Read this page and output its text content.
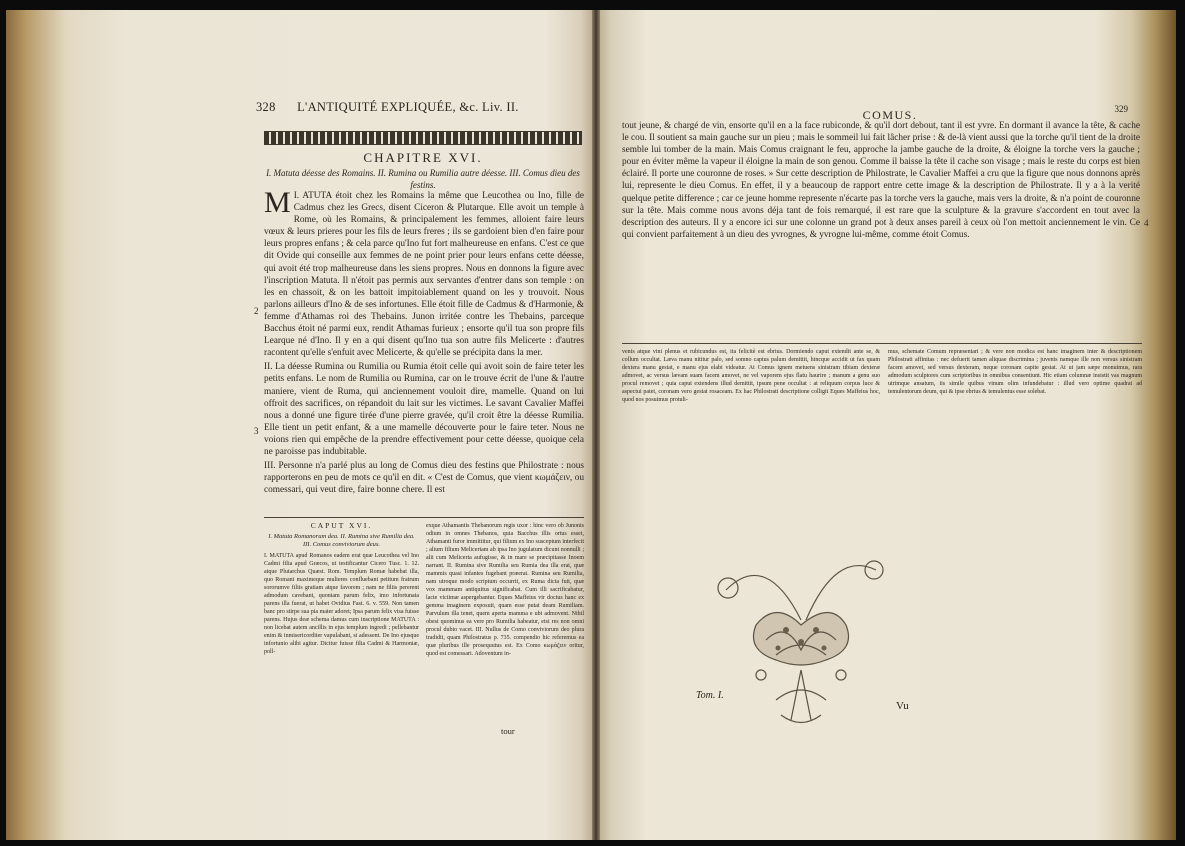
328 L'ANTIQUITÉ EXPLIQUÉE, &c. Liv. II.
CHAPITRE XVI.
I. Matuta déesse des Romains. II. Rumina ou Rumilia autre déesse. III. Comus dieu des festins.
M I. ATUTA étoit chez les Romains la même que Leucothea ou Ino, fille de Cadmus chez les Grecs, disent Ciceron & Plutarque. Elle avoit un temple à Rome, où les Romains, & principalement les femmes, alloient faire leurs vœux & leurs prieres pour les fils de leurs freres ; ils se gardoient bien d'en faire pour leurs propres enfans ; & cela parce qu'Ino fut fort malheureuse en enfans. C'est ce que dit Ovide qui conseille aux femmes de ne point prier pour leurs enfans cette déesse, qui avoit été trop malheureuse dans les siens propres. Nous en donnons la figure avec l'inscription Matuta. Il n'étoit pas permis aux servantes d'entrer dans son temple : on les en chassoit, & on les battoit impitoiablement quand on les y trouvoit. Nous parlons ailleurs d'Ino & de ses infortunes. Elle étoit fille de Cadmus & d'Harmonie, & femme d'Athamas roi des Thebains. Junon irritée contre les Thebains, parceque Bacchus étoit né parmi eux, rendit Athamas furieux ; ensorte qu'il tua son propre fils Learque né d'Ino. Il y en a qui disent qu'Ino tua son autre fils Melicerte : d'autres racontent qu'elle s'enfuit avec Melicerte, & qu'elle se précipita dans la mer.

II. La déesse Rumina ou Rumilia ou Rumia étoit celle qui avoit soin de faire teter les petits enfans. Le nom de Rumilia ou Rumina, car on le trouve écrit de l'une & l'autre maniere, vient de Ruma, qui anciennement vouloit dire, mamelle. Quand on lui offroit des sacrifices, on répandoit du lait sur les victimes. Le savant Cavalier Maffei nous a donné une figure tirée d'une pierre gravée, qu'il croit être la déesse Rumilia. Elle tient un petit enfant, & a une mamelle découverte pour le faire teter. Nous ne voions rien qui empêche de la prendre effectivement pour cette déesse, quoique cela ne paroisse pas indubitable.

III. Personne n'a parlé plus au long de Comus dieu des festins que Philostrate : nous rapporterons en peu de mots ce qu'il en dit. « C'est de Comus, que vient κωμάζειν, ou comessari, qui veut dire, faire bonne chere. Il est

2
3
CAPUT XVI.
I. Matuta Romanorum dea. II. Rumina sive Rumilia dea. III. Comus conviviorum deus.
I. MATUTA apud Romanos eadem erat quæ Leucothea vel Ino Cadmi filia apud Græcos, ut testificantur Cicero Tusc. 1. 12. atque Plutarchus Quæst. Rom. Templum Romæ habebat illa, quo Romani maximeque mulieres confluebant petitum fratrum sororumve filiis gratiam atque favorem ; nam ne filiis pererent admodum cavebant, quoniam parum felix, imo infortunata parens illa fuerat, ut habet Ovidius Fast. 6. v. 559. Non tamen banc pro stirpe sua pia mater adoret; Ipsa parum felix visa fuisse parens. Hujus deæ schema damus cum inscriptione MATUTA : non licebat autem ancillis in ejus templum ingredi ; pellebantur enim & inmisericorditer vapulabant, si adessent. De Ino ejusque infortunio alibi agitur. Dicitur fuisse filia Cadmi & Harmoniæ, poll-
exque Athamantis Thebanorum regis uxor : hinc vero ob Junonis odium in omnes Thebanos, quia Bacchus illis ortus esset, Athamanti furor immittitur, qui filium ex Ino susceptum interfecit ; alium filium Melicertam ab ipsa Ino jugulatum dicunt nonnulli ; alii cum Melicerta aufugisse, & in mare se præcipitasse Inoem narrant. II. Rumina sive Rumilia seu Rumia dea illa erat, quæ mammis quasi infantes fugebant præerat. Rumina seu Rumilia, nam utroque modo scriptum occurrit, ex Ruma dicta fuit, quæ vox mammam antiquitus significabat. Cum illi sacrificabatur, lacte victimæ aspergebantur. Eques Maffeius vir doctus hanc ex gemma imaginem exposuit, quam esse putat deam Rumiliam. Parvulum illa tenet, quem aperta mamma e ubi admovent. Nihil obest quominus ea vere pro Rumilia habeatur, etsi res non omni procul dubio vacet. III. Nullus de Como conviviorum deo plura tradidit, quam Philostratus p. 735. compendio hic referemus ea quæ pluribus ille prosequutus est. Ex Como κωμάζειν oritur, quod est comessari. Adoventum in-
tour
COMUS.	329

tout jeune, & chargé de vin, ensorte qu'il en a la face rubiconde, & qu'il dort debout, tant il est yvre. En dormant il avance la tête, & cache le cou. Il soutient sa main gauche sur un pieu ; mais le sommeil lui fait lâcher prise : & de-là vient aussi que la torche qu'il tient de la droite semble lui tomber de la main. Mais Comus craignant le feu, approche la jambe gauche de la droite, & éloigne la torche vers la gauche ; pour en éviter même la vapeur il éloigne la main de son genou. Comme il baisse la tête il cache son visage ; mais le reste du corps est bien éclairé. Il porte une couronne de roses. » Sur cette description de Philostrate, le Cavalier Maffei a cru que la figure que nous donnons après lui, represente le dieu Comus. En effet, il y a beaucoup de rapport entre cette image & la description de Philostrate. Il y a à la verité quelque petite difference ; car ce jeune homme represente n'écarte pas la torche vers la gauche, mais vers la droite, & n'a point de couronne sur la tête. Mais comme nous avons déja tant de fois remarqué, il est rare que la sculpture & la gravure s'accordent en tout avec la description des auteurs. Il y a encore ici sur une colonne un grand pot à deux anses pareil à ceux où l'on mettoit anciennement le vin. Ce qui convient parfaitement à un dieu des yvrognes, & yvrogne lui-même, comme étoit Comus.

4
venis atque vini plenus et rubicundus est, ita felicitè est ebrius. Dormiendo caput extendit ante se, & collum occultat. Læva manu nititur palo, sed somno captus palum demittit, hincque accidit ut fax quam dextera manu gestat, e manu ejus elabi videatur. At Comus ignem metuens sinistram tibiam dexteræ admovet, ac versus lævam suam facem amovet, ne vel vaporem ejus flatu haurire ; manum a genu suo procul removet ; quia caput extendens illud demittit, ipsum pene occultat : at reliquum corpus luce & aspectui patet, coronam vero gestat rosaceam. Ex hac Philostrati descriptione colligit Eques Maffeius hoc, quod nos posuimus protuli-
mus, schemate Comum repræsentari ; & vere non modica est hanc imaginem inter & descriptionem Philostrati affinitas : nec defuerit tamen aliquae discrimina ; juvenis namque ille non versus sinistram facem amovet, sed versus dexteram, neque coronam capite gestat. At ut jam sæpe monuimus, rara admodum sculptores cum scriptoribus in omnibus consentiunt. Hic etiam columnæ insistit vas magnum utrimque ansatum, iis simile quibus vinum olim infundebatur : illud vero optime quadrat ad temulentorum deum, qui & ipse ebrius & temulentus esse solebat.
Tom. I.
Vu
